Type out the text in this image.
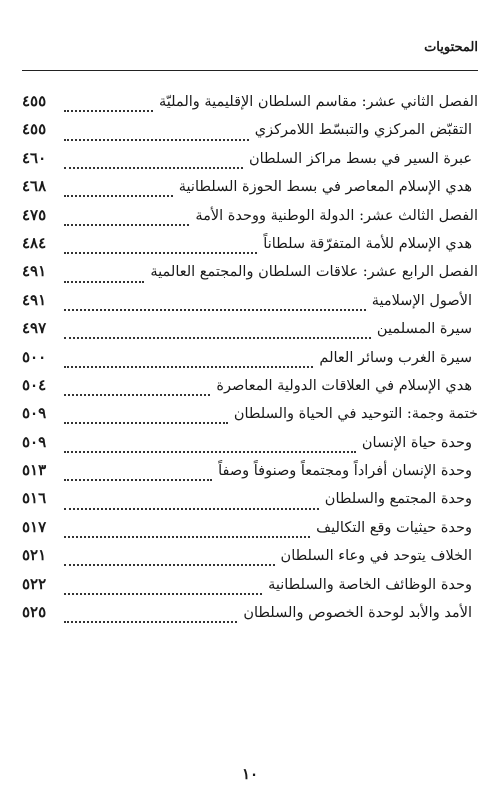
المحتويات
الفصل الثاني عشر: مقاسم السلطان الإقليمية والمليّة
٤٥٥
التقبّض المركزي والتبسّط اللامركزي
٤٥٥
عبرة السير في بسط مراكز السلطان
٤٦٠
هدي الإسلام المعاصر في بسط الحوزة السلطانية
٤٦٨
الفصل الثالث عشر: الدولة الوطنية ووحدة الأمة
٤٧٥
هدي الإسلام للأمة المتفرّقة سلطاناً
٤٨٤
الفصل الرابع عشر: علاقات السلطان والمجتمع العالمية
٤٩١
الأصول الإسلامية
٤٩١
سيرة المسلمين
٤٩٧
سيرة الغرب وسائر العالم
٥٠٠
هدي الإسلام في العلاقات الدولية المعاصرة
٥٠٤
ختمة وجمة: التوحيد في الحياة والسلطان
٥٠٩
وحدة حياة الإنسان
٥٠٩
وحدة الإنسان أفراداً ومجتمعاً وصنوفاً وصفاً
٥١٣
وحدة المجتمع والسلطان
٥١٦
وحدة حيثيات وقع التكاليف
٥١٧
الخلاف يتوحد في وعاء السلطان
٥٢١
وحدة الوظائف الخاصة والسلطانية
٥٢٢
الأمد والأبد لوحدة الخصوص والسلطان
٥٢٥
١٠
